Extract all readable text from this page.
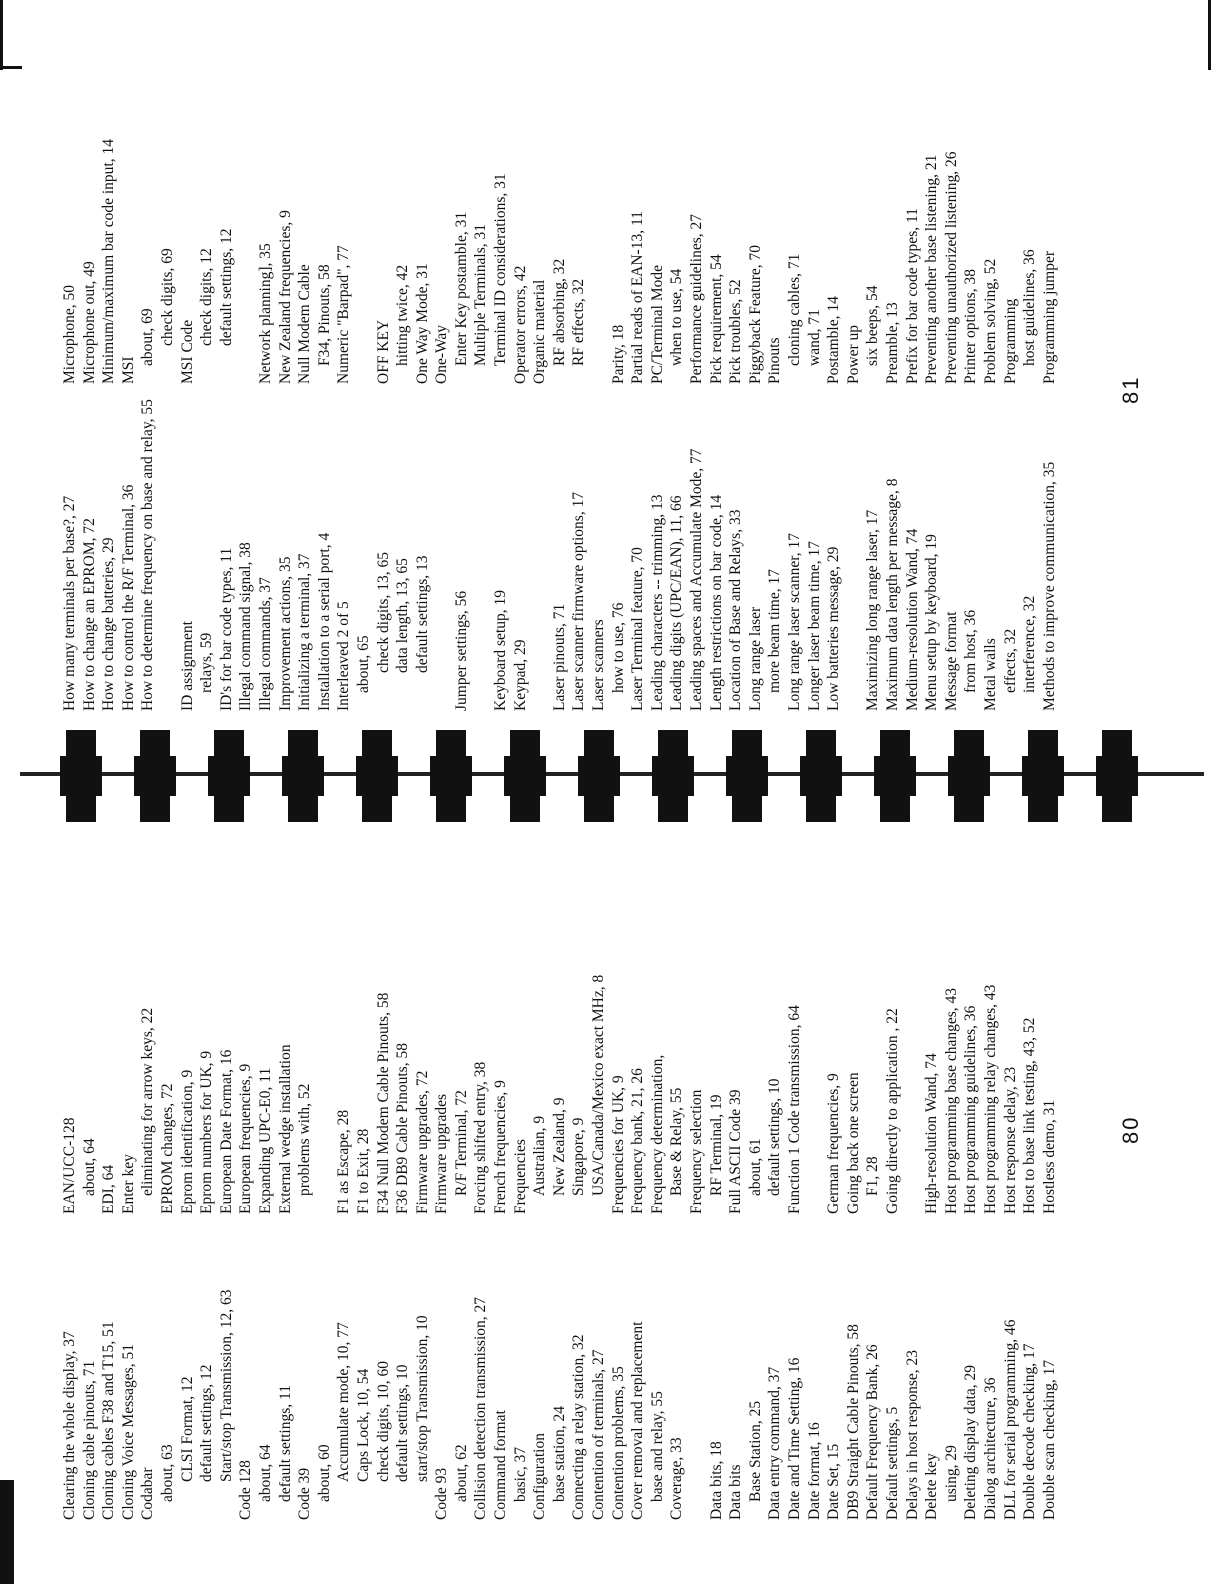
Clearing the whole display, 37 Cloning cable pinouts, 71 Cloning cables F38 and T15, 51 Cloning Voice Messages, 51 Codabar about, 63 CLSI Format, 12 default settings, 12 Start/stop Transmission, 12, 63
Code 128 about, 64 default settings, 11 Code 39 about, 60 Accumulate mode, 10, 77 Caps Lock, 10, 54 check digits, 10, 60 default settings, 10 start/stop Transmission, 10
Code 93 about, 62 Collision detection transmission, 27 Command format basic, 37 Configuration base station, 24 Connecting a relay station, 32 Contention of terminals, 27 Contention problems, 35 Cover removal and replacement base and relay, 55 Coverage, 33 Data bits, 18 Data bits Base Station, 25 Data entry command, 37 Date and Time Setting, 16 Date format, 16 Date Set, 15 DB9 Straight Cable Pinouts, 58 Default Frequency Bank, 26 Default settings, 5 Delays in host response, 23 Delete key using, 29 Deleting display data, 29 Dialog architecture, 36 DLL for serial programming, 46 Double decode checking, 17 Double scan checking, 17
EAN/UCC-128 about, 64 EDI, 64 Enter key eliminating for arrow keys, 22 EPROM changes, 72 Eprom identification, 9 Eprom numbers for UK, 9 European Date Format, 16 European frequencies, 9 Expanding UPC-E0, 11 External wedge installation problems with, 52 F1 as Escape, 28 F1 to Exit, 28 F34 Null Modem Cable Pinouts, 58 F36 DB9 Cable Pinouts, 58 Firmware upgrades, 72 Firmware upgrades R/F Terminal, 72 Forcing shifted entry, 38 French frequencies, 9 Frequencies Australian, 9 New Zealand, 9 Singapore, 9 USA/Canada/Mexico exact MHz, 8 Frequencies for UK, 9 Frequency bank, 21, 26 Frequency determination, Base & Relay, 55 Frequency selection RF Terminal, 19 Full ASCII Code 39 about, 61 default settings, 10 Function 1 Code transmission, 64 German frequencies, 9 Going back one screen F1, 28 Going directly to application , 22 High-resolution Wand, 74 Host programming base changes, 43 Host programming guidelines, 36 Host programming relay changes, 43 Host response delay, 23 Host to base link testing, 43, 52 Hostless demo, 31
How many terminals per base?, 27 How to change an EPROM, 72 How to change batteries, 29 How to control the R/F Terminal, 36 How to determine frequency on base and relay, 55 ID assignment relays, 59 ID's for bar code types, 11 Illegal command signal, 38 Illegal commands, 37 Improvement actions, 35 Initializing a terminal, 37 Installation to a serial port, 4 Interleaved 2 of 5 about, 65 check digits, 13, 65 data length, 13, 65 default settings, 13 Jumper settings, 56 Keyboard setup, 19 Keypad, 29 Laser pinouts, 71 Laser scanner firmware options, 17 Laser scanners how to use, 76 Laser Terminal feature, 70 Leading characters -- trimming, 13 Leading digits (UPC/EAN), 11, 66 Leading spaces and Accumulate Mode, 77 Length restrictions on bar code, 14 Location of Base and Relays, 33 Long range laser more beam time, 17 Long range laser scanner, 17 Longer laser beam time, 17 Low batteries message, 29 Maximizing long range laser, 17 Maximum data length per message, 8 Medium-resolution Wand, 74 Menu setup by keyboard, 19 Message format from host, 36 Metal walls effects, 32 interference, 32 Methods to improve communication, 35
Microphone, 50 Microphone out, 49 Minimum/maximum bar code input, 14 MSI
about, 69 check digits, 69
MSI Code
check digits, 12 default settings, 12 Network planning], 35 New Zealand frequencies, 9 Null Modem Cable F34, Pinouts, 58 Numeric "Barpad", 77 OFF KEY hitting twice, 42 One Way Mode, 31 One-Way Enter Key postamble, 31 Multiple Terminals, 31 Terminal ID considerations, 31 Operator errors, 42 Organic material RF absorbing, 32 RF effects, 32 Parity, 18 Partial reads of EAN-13, 11 PC/Terminal Mode when to use, 54 Performance guidelines, 27 Pick requirement, 54 Pick troubles, 52 Piggyback Feature, 70 Pinouts cloning cables, 71 wand, 71 Postamble, 14 Power up six beeps, 54 Preamble, 13 Prefix for bar code types, 11 Preventing another base listening, 21 Preventing unauthorized listening, 26 Printer options, 38 Problem solving, 52 Programming host guidelines, 36 Programming jumper
80
81
